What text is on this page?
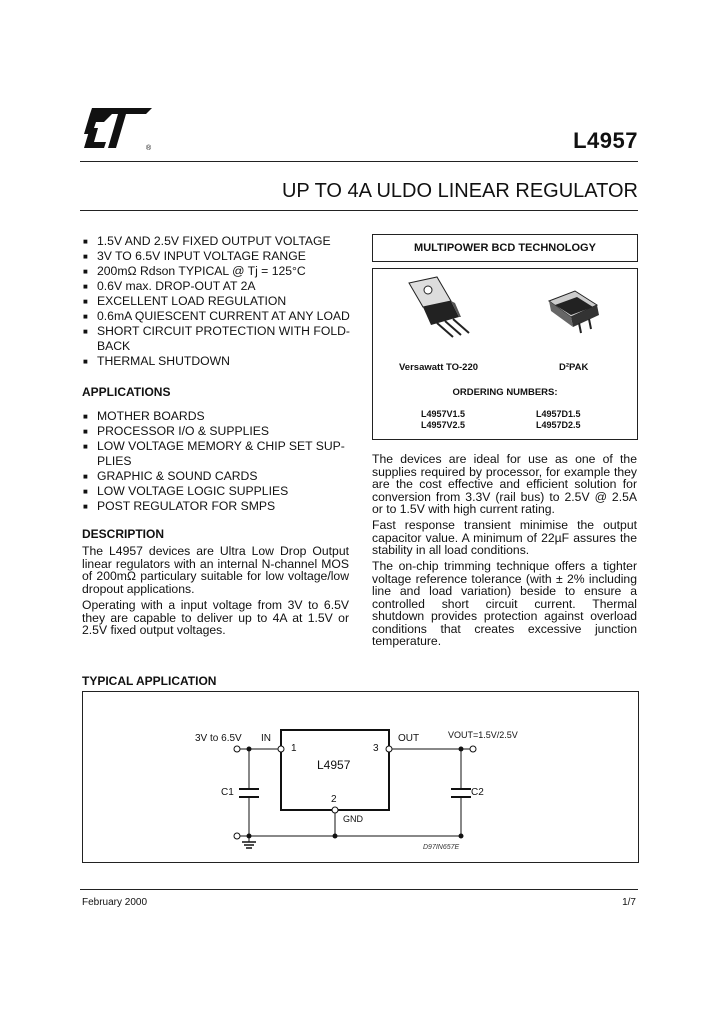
®	L4957
UP TO 4A ULDO LINEAR REGULATOR
■ 1.5V AND 2.5V FIXED OUTPUT VOLTAGE
■ 3V TO 6.5V INPUT VOLTAGE RANGE
■ 200mΩ Rdson TYPICAL @ Tj = 125°C
■ 0.6V max. DROP-OUT AT 2A
■ EXCELLENT LOAD REGULATION
■ 0.6mA QUIESCENT CURRENT AT ANY LOAD
■ SHORT CIRCUIT PROTECTION WITH FOLD-BACK
■ THERMAL SHUTDOWN
APPLICATIONS
■ MOTHER BOARDS
■ PROCESSOR I/O & SUPPLIES
■ LOW VOLTAGE MEMORY & CHIP SET SUP-PLIES
■ GRAPHIC & SOUND CARDS
■ LOW VOLTAGE LOGIC SUPPLIES
■ POST REGULATOR FOR SMPS
DESCRIPTION

The L4957 devices are Ultra Low Drop Output linear regulators with an internal N-channel MOS of 200mΩ particulary suitable for low voltage/low dropout applications.

Operating with a input voltage from 3V to 6.5V they are capable to deliver up to 4A at 1.5V or 2.5V fixed output voltages.

MULTIPOWER BCD TECHNOLOGY
Versawatt TO-220	D²PAK
ORDERING NUMBERS:
L4957V1.5
L4957V2.5
L4957D1.5
L4957D2.5

The devices are ideal for use as one of the supplies required by processor, for example they are the cost effective and efficient solution for conversion from 3.3V (rail bus) to 2.5V @ 2.5A or to 1.5V with high current rating.

Fast response transient minimise the output capacitor value. A minimum of 22µF assures the stability in all load conditions.

The on-chip trimming technique offers a tighter voltage reference tolerance (with ± 2% including line and load variation) beside to ensure a controlled short circuit current. Thermal shutdown provides protection against overload conditions that creates excessive junction temperature.

TYPICAL APPLICATION
3V to 6.5V IN
1
L4957
3
OUT	VOUT=1.5V/2.5V
2
GND
C1	C2
D97IN657E
February 2000	1/7
